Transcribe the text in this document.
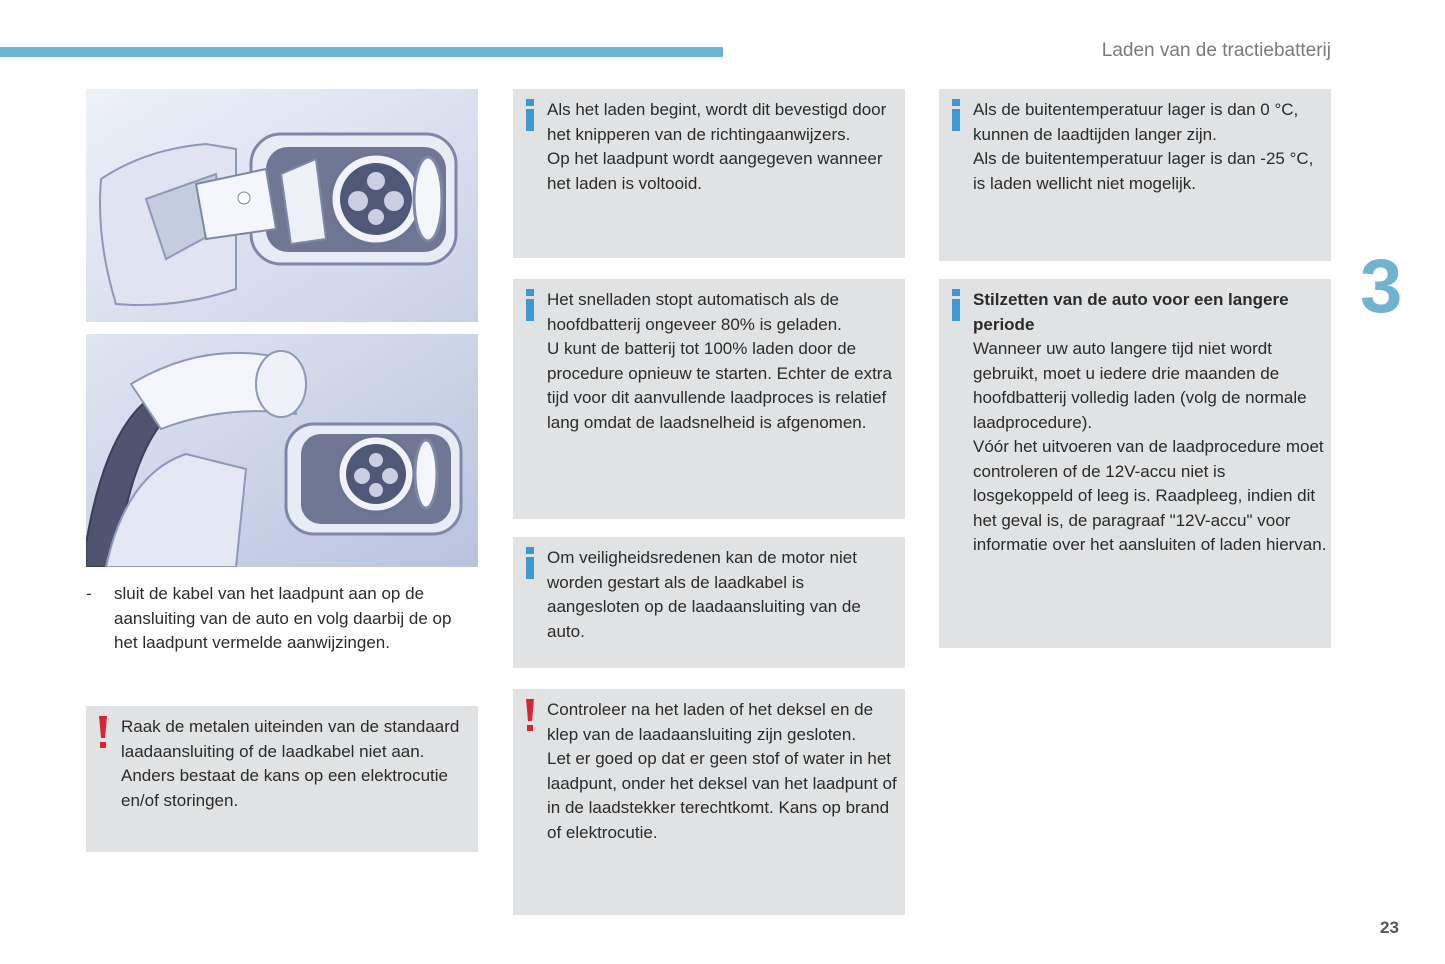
Laden van de tractiebatterij
3
23
-	sluit de kabel van het laadpunt aan op de aansluiting van de auto en volg daarbij de op het laadpunt vermelde aanwijzingen.

Raak de metalen uiteinden van de standaard laadaansluiting of de laadkabel niet aan. Anders bestaat de kans op een elektrocutie en/of storingen.

Als het laden begint, wordt dit bevestigd door het knipperen van de richtingaanwijzers.

Op het laadpunt wordt aangegeven wanneer het laden is voltooid.

Het snelladen stopt automatisch als de hoofdbatterij ongeveer 80% is geladen.

U kunt de batterij tot 100% laden door de procedure opnieuw te starten. Echter de extra tijd voor dit aanvullende laadproces is relatief lang omdat de laadsnelheid is afgenomen.

Om veiligheidsredenen kan de motor niet worden gestart als de laadkabel is aangesloten op de laadaansluiting van de auto.

Controleer na het laden of het deksel en de klep van de laadaansluiting zijn gesloten.

Let er goed op dat er geen stof of water in het laadpunt, onder het deksel van het laadpunt of in de laadstekker terechtkomt. Kans op brand of elektrocutie.

Als de buitentemperatuur lager is dan 0 °C, kunnen de laadtijden langer zijn.

Als de buitentemperatuur lager is dan -25 °C, is laden wellicht niet mogelijk.

Stilzetten van de auto voor een langere periode

Wanneer uw auto langere tijd niet wordt gebruikt, moet u iedere drie maanden de hoofdbatterij volledig laden (volg de normale laadprocedure).

Vóór het uitvoeren van de laadprocedure moet controleren of de 12V-accu niet is losgekoppeld of leeg is. Raadpleeg, indien dit het geval is, de paragraaf "12V-accu" voor informatie over het aansluiten of laden hiervan.
